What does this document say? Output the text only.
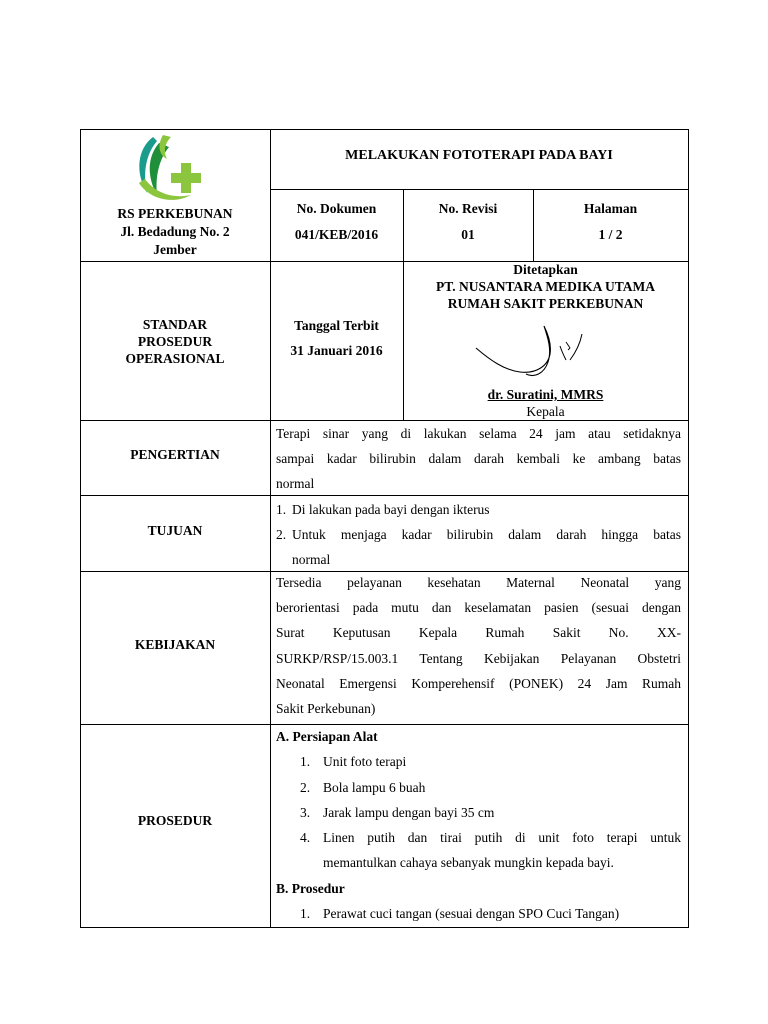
RS PERKEBUNAN
Jl. Bedadung No. 2
Jember
MELAKUKAN FOTOTERAPI PADA BAYI
No. Dokumen
041/KEB/2016
No. Revisi
01
Halaman
1 / 2
STANDAR
PROSEDUR
OPERASIONAL
Tanggal Terbit
31 Januari 2016
Ditetapkan
PT. NUSANTARA MEDIKA UTAMA
RUMAH SAKIT PERKEBUNAN
dr. Suratini, MMRS
Kepala
PENGERTIAN
Terapi sinar yang di lakukan selama 24 jam atau setidaknya
sampai kadar bilirubin dalam darah kembali ke ambang batas
normal
TUJUAN
1. Di lakukan pada bayi dengan ikterus
2. Untuk menjaga kadar bilirubin dalam darah hingga batas
normal
KEBIJAKAN
Tersedia pelayanan kesehatan Maternal Neonatal yang
berorientasi pada mutu dan keselamatan pasien (sesuai dengan
Surat Keputusan Kepala Rumah Sakit No. XX-
SURKP/RSP/15.003.1 Tentang Kebijakan Pelayanan Obstetri
Neonatal Emergensi Komperehensif (PONEK) 24 Jam Rumah
Sakit Perkebunan)
PROSEDUR
A. Persiapan Alat
1. Unit foto terapi
2. Bola lampu 6 buah
3. Jarak lampu dengan bayi 35 cm
4. Linen putih dan tirai putih di unit foto terapi untuk
memantulkan cahaya sebanyak mungkin kepada bayi.
B. Prosedur
1. Perawat cuci tangan (sesuai dengan SPO Cuci Tangan)
